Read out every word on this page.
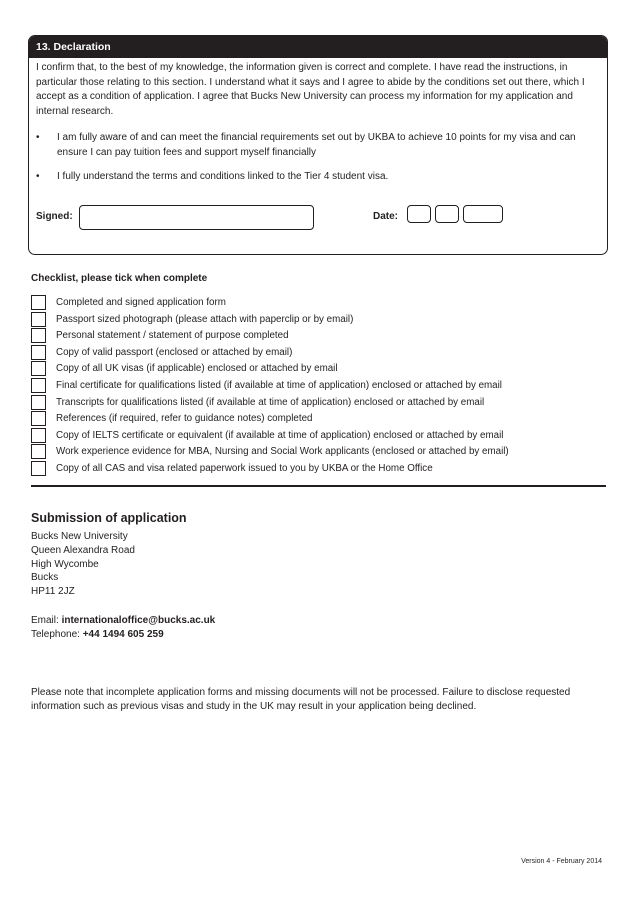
13. Declaration

I confirm that, to the best of my knowledge, the information given is correct and complete. I have read the instructions, in particular those relating to this section. I understand what it says and I agree to abide by the conditions set out there, which I accept as a condition of application. I agree that Bucks New University can process my information for my application and internal research.

• I am fully aware of and can meet the financial requirements set out by UKBA to achieve 10 points for my visa and can ensure I can pay tuition fees and support myself financially
• I fully understand the terms and conditions linked to the Tier 4 student visa.
Signed:	Date:
Checklist, please tick when complete
Completed and signed application form
Passport sized photograph (please attach with paperclip or by email)
Personal statement / statement of purpose completed
Copy of valid passport (enclosed or attached by email)
Copy of all UK visas (if applicable) enclosed or attached by email
Final certificate for qualifications listed (if available at time of application) enclosed or attached by email
Transcripts for qualifications listed (if available at time of application) enclosed or attached by email
References (if required, refer to guidance notes) completed
Copy of IELTS certificate or equivalent (if available at time of application) enclosed or attached by email
Work experience evidence for MBA, Nursing and Social Work applicants (enclosed or attached by email)
Copy of all CAS and visa related paperwork issued to you by UKBA or the Home Office
Submission of application
Bucks New University
Queen Alexandra Road
High Wycombe
Bucks
HP11 2JZ
Email: internationaloffice@bucks.ac.uk
Telephone: +44 1494 605 259

Please note that incomplete application forms and missing documents will not be processed. Failure to disclose requested information such as previous visas and study in the UK may result in your application being declined.

Version 4 - February 2014
